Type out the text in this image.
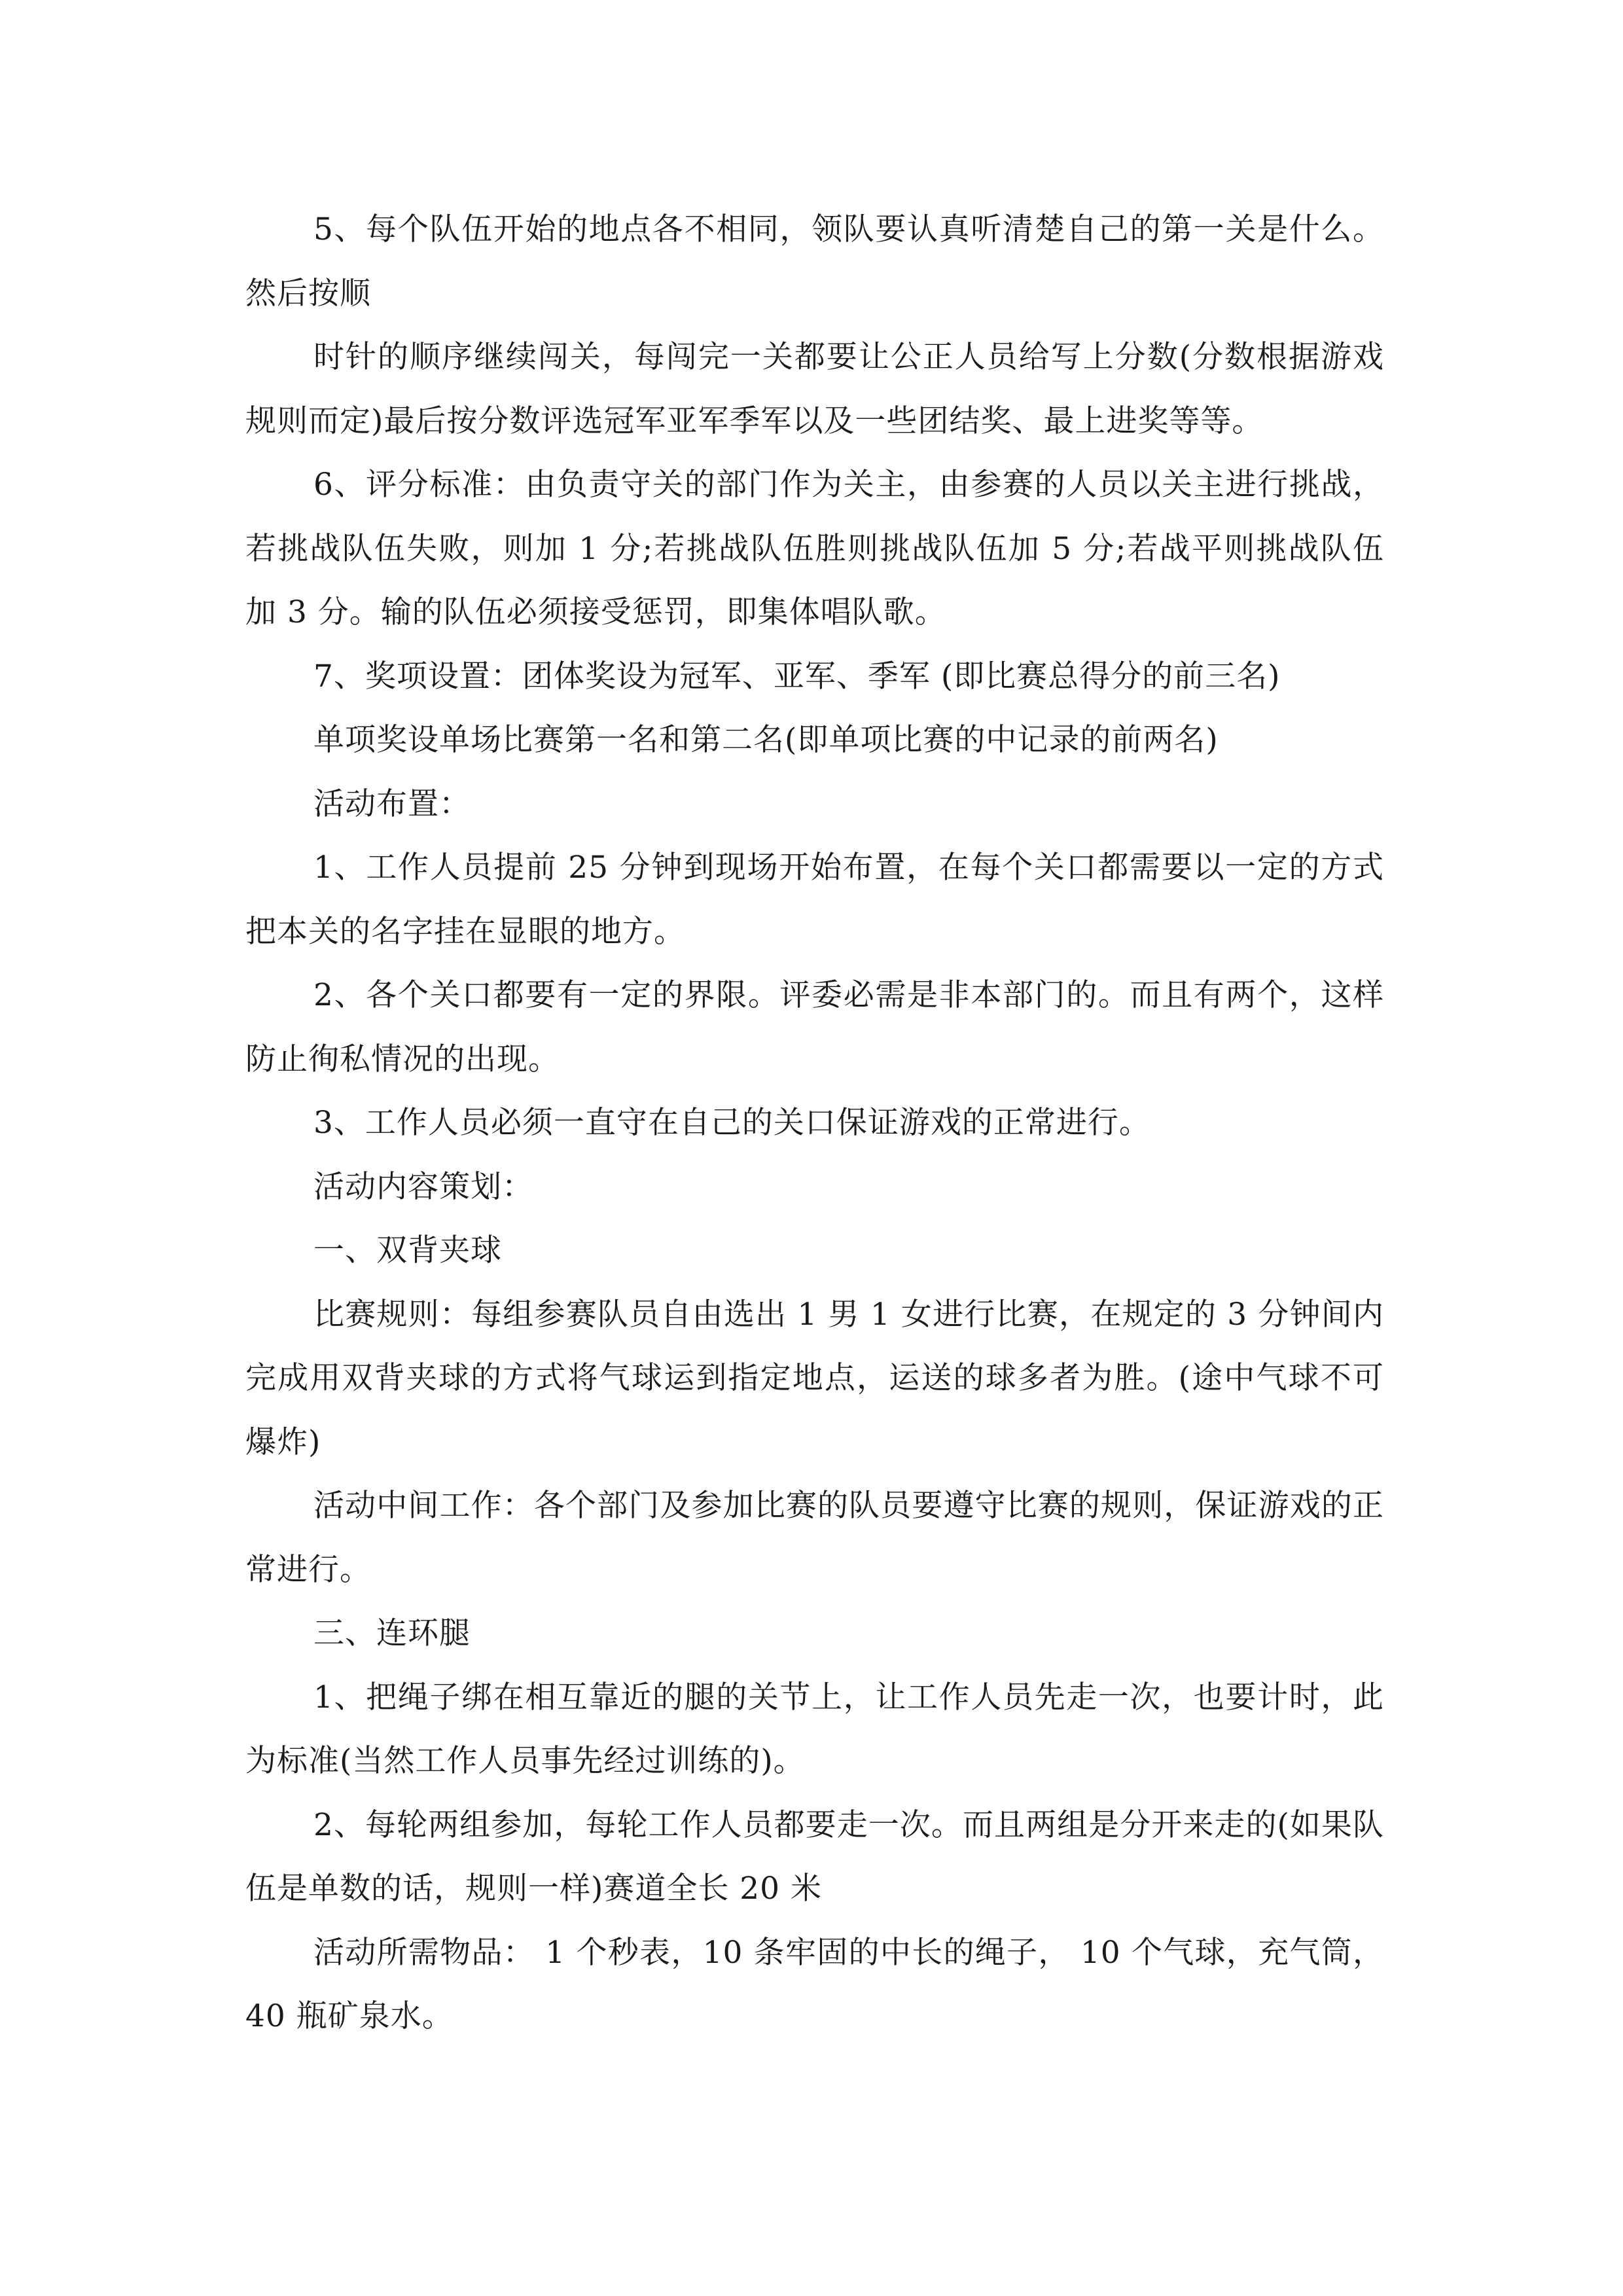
5、每个队伍开始的地点各不相同，领队要认真听清楚自己的第一关是什么。然后按顺

时针的顺序继续闯关，每闯完一关都要让公正人员给写上分数(分数根据游戏规则而定)最后按分数评选冠军亚军季军以及一些团结奖、最上进奖等等。

6、评分标准：由负责守关的部门作为关主，由参赛的人员以关主进行挑战，若挑战队伍失败，则加 1 分;若挑战队伍胜则挑战队伍加 5 分;若战平则挑战队伍加 3 分。输的队伍必须接受惩罚，即集体唱队歌。

7、奖项设置：团体奖设为冠军、亚军、季军 (即比赛总得分的前三名)

单项奖设单场比赛第一名和第二名(即单项比赛的中记录的前两名)

活动布置：

1、工作人员提前 25 分钟到现场开始布置，在每个关口都需要以一定的方式把本关的名字挂在显眼的地方。

2、各个关口都要有一定的界限。评委必需是非本部门的。而且有两个，这样防止徇私情况的出现。

3、工作人员必须一直守在自己的关口保证游戏的正常进行。

活动内容策划：

一、双背夹球

比赛规则：每组参赛队员自由选出 1 男 1 女进行比赛，在规定的 3 分钟间内完成用双背夹球的方式将气球运到指定地点，运送的球多者为胜。(途中气球不可爆炸)

活动中间工作：各个部门及参加比赛的队员要遵守比赛的规则，保证游戏的正常进行。

三、连环腿

1、把绳子绑在相互靠近的腿的关节上，让工作人员先走一次，也要计时，此为标准(当然工作人员事先经过训练的)。

2、每轮两组参加，每轮工作人员都要走一次。而且两组是分开来走的(如果队伍是单数的话，规则一样)赛道全长 20 米

活动所需物品： 1 个秒表，10 条牢固的中长的绳子， 10 个气球，充气筒，40 瓶矿泉水。
